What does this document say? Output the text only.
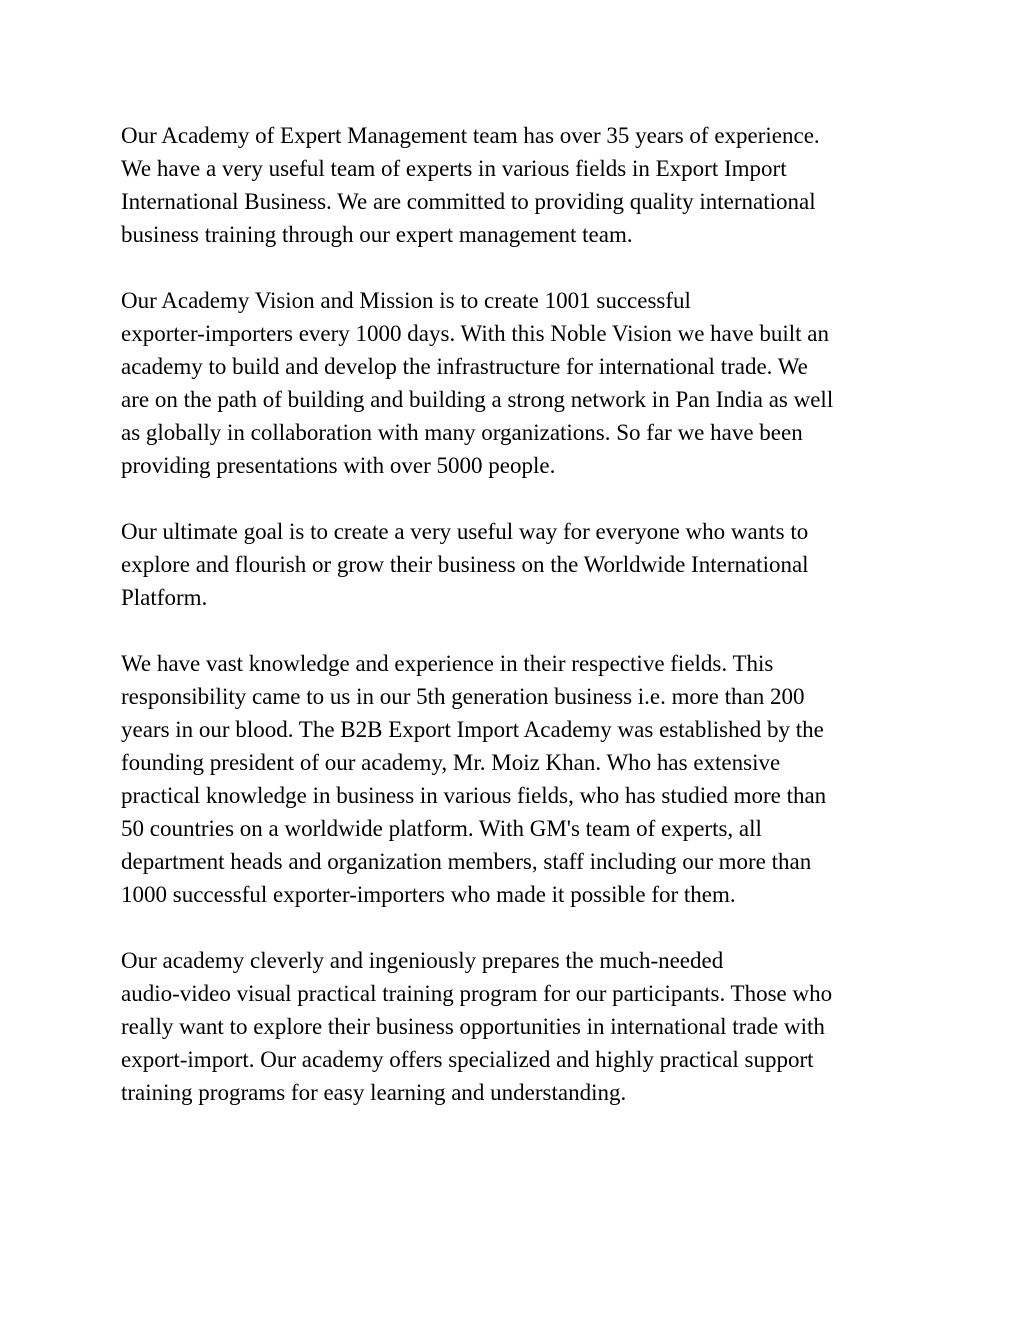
Our Academy of Expert Management team has over 35 years of experience.
We have a very useful team of experts in various fields in Export Import
International Business. We are committed to providing quality international
business training through our expert management team.

Our Academy Vision and Mission is to create 1001 successful
exporter-importers every 1000 days. With this Noble Vision we have built an
academy to build and develop the infrastructure for international trade. We
are on the path of building and building a strong network in Pan India as well
as globally in collaboration with many organizations. So far we have been
providing presentations with over 5000 people.

Our ultimate goal is to create a very useful way for everyone who wants to
explore and flourish or grow their business on the Worldwide International
Platform.

We have vast knowledge and experience in their respective fields. This
responsibility came to us in our 5th generation business i.e. more than 200
years in our blood. The B2B Export Import Academy was established by the
founding president of our academy, Mr. Moiz Khan. Who has extensive
practical knowledge in business in various fields, who has studied more than
50 countries on a worldwide platform. With GM's team of experts, all
department heads and organization members, staff including our more than
1000 successful exporter-importers who made it possible for them.

Our academy cleverly and ingeniously prepares the much-needed
audio-video visual practical training program for our participants. Those who
really want to explore their business opportunities in international trade with
export-import. Our academy offers specialized and highly practical support
training programs for easy learning and understanding.
